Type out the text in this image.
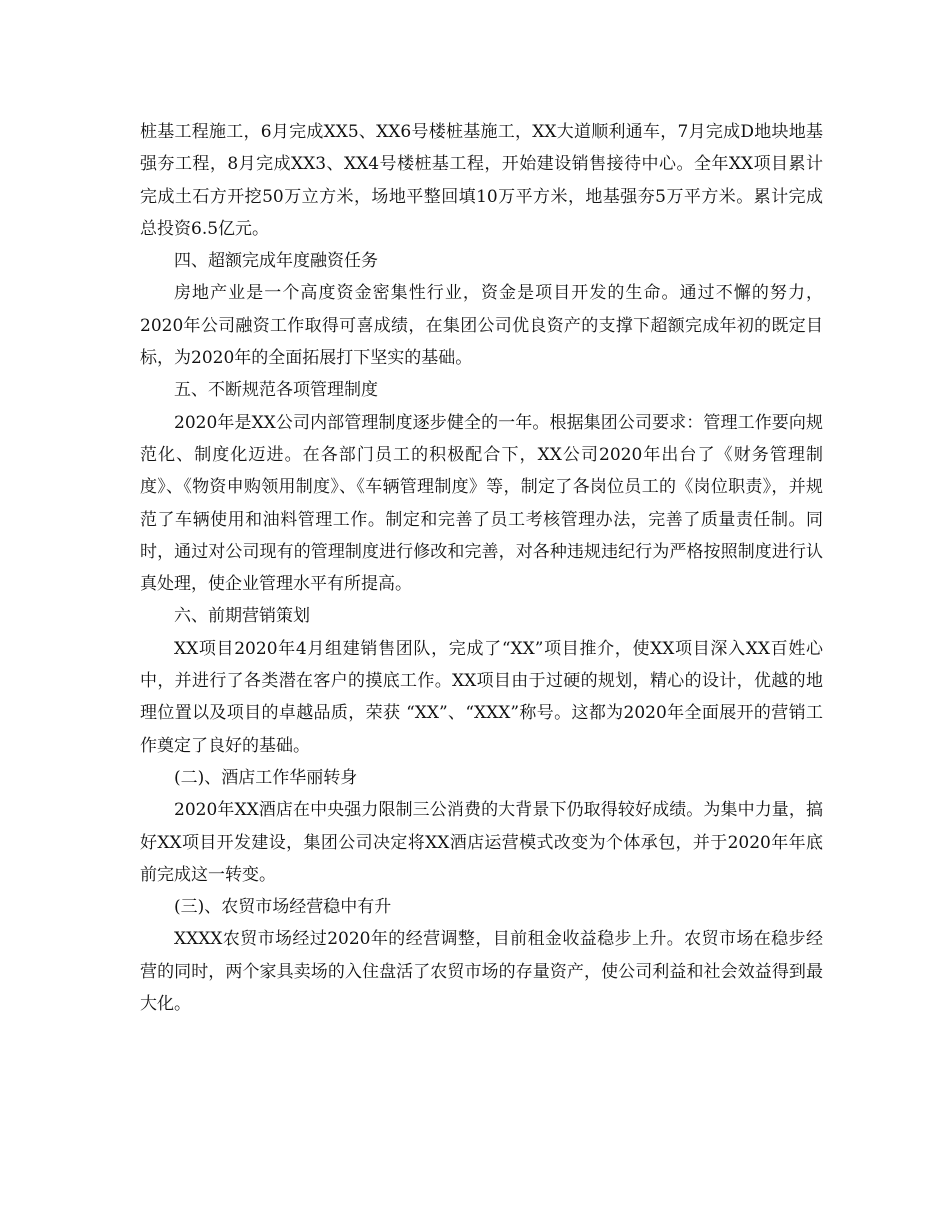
桩基工程施工，6月完成XX5、XX6号楼桩基施工，XX大道顺利通车，7月完成D地块地基强夯工程，8月完成XX3、XX4号楼桩基工程，开始建设销售接待中心。全年XX项目累计完成土石方开挖50万立方米，场地平整回填10万平方米，地基强夯5万平方米。累计完成总投资6.5亿元。

四、超额完成年度融资任务

房地产业是一个高度资金密集性行业，资金是项目开发的生命。通过不懈的努力，2020年公司融资工作取得可喜成绩，在集团公司优良资产的支撑下超额完成年初的既定目标，为2020年的全面拓展打下坚实的基础。

五、不断规范各项管理制度

2020年是XX公司内部管理制度逐步健全的一年。根据集团公司要求：管理工作要向规范化、制度化迈进。在各部门员工的积极配合下，XX公司2020年出台了《财务管理制度》、《物资申购领用制度》、《车辆管理制度》等，制定了各岗位员工的《岗位职责》，并规范了车辆使用和油料管理工作。制定和完善了员工考核管理办法，完善了质量责任制。同时，通过对公司现有的管理制度进行修改和完善，对各种违规违纪行为严格按照制度进行认真处理，使企业管理水平有所提高。

六、前期营销策划

XX项目2020年4月组建销售团队，完成了“XX”项目推介，使XX项目深入XX百姓心中，并进行了各类潜在客户的摸底工作。XX项目由于过硬的规划，精心的设计，优越的地理位置以及项目的卓越品质，荣获 “XX”、“XXX”称号。这都为2020年全面展开的营销工作奠定了良好的基础。

(二)、酒店工作华丽转身

2020年XX酒店在中央强力限制三公消费的大背景下仍取得较好成绩。为集中力量，搞好XX项目开发建设，集团公司决定将XX酒店运营模式改变为个体承包，并于2020年年底前完成这一转变。

(三)、农贸市场经营稳中有升

XXXX农贸市场经过2020年的经营调整，目前租金收益稳步上升。农贸市场在稳步经营的同时，两个家具卖场的入住盘活了农贸市场的存量资产，使公司利益和社会效益得到最大化。
